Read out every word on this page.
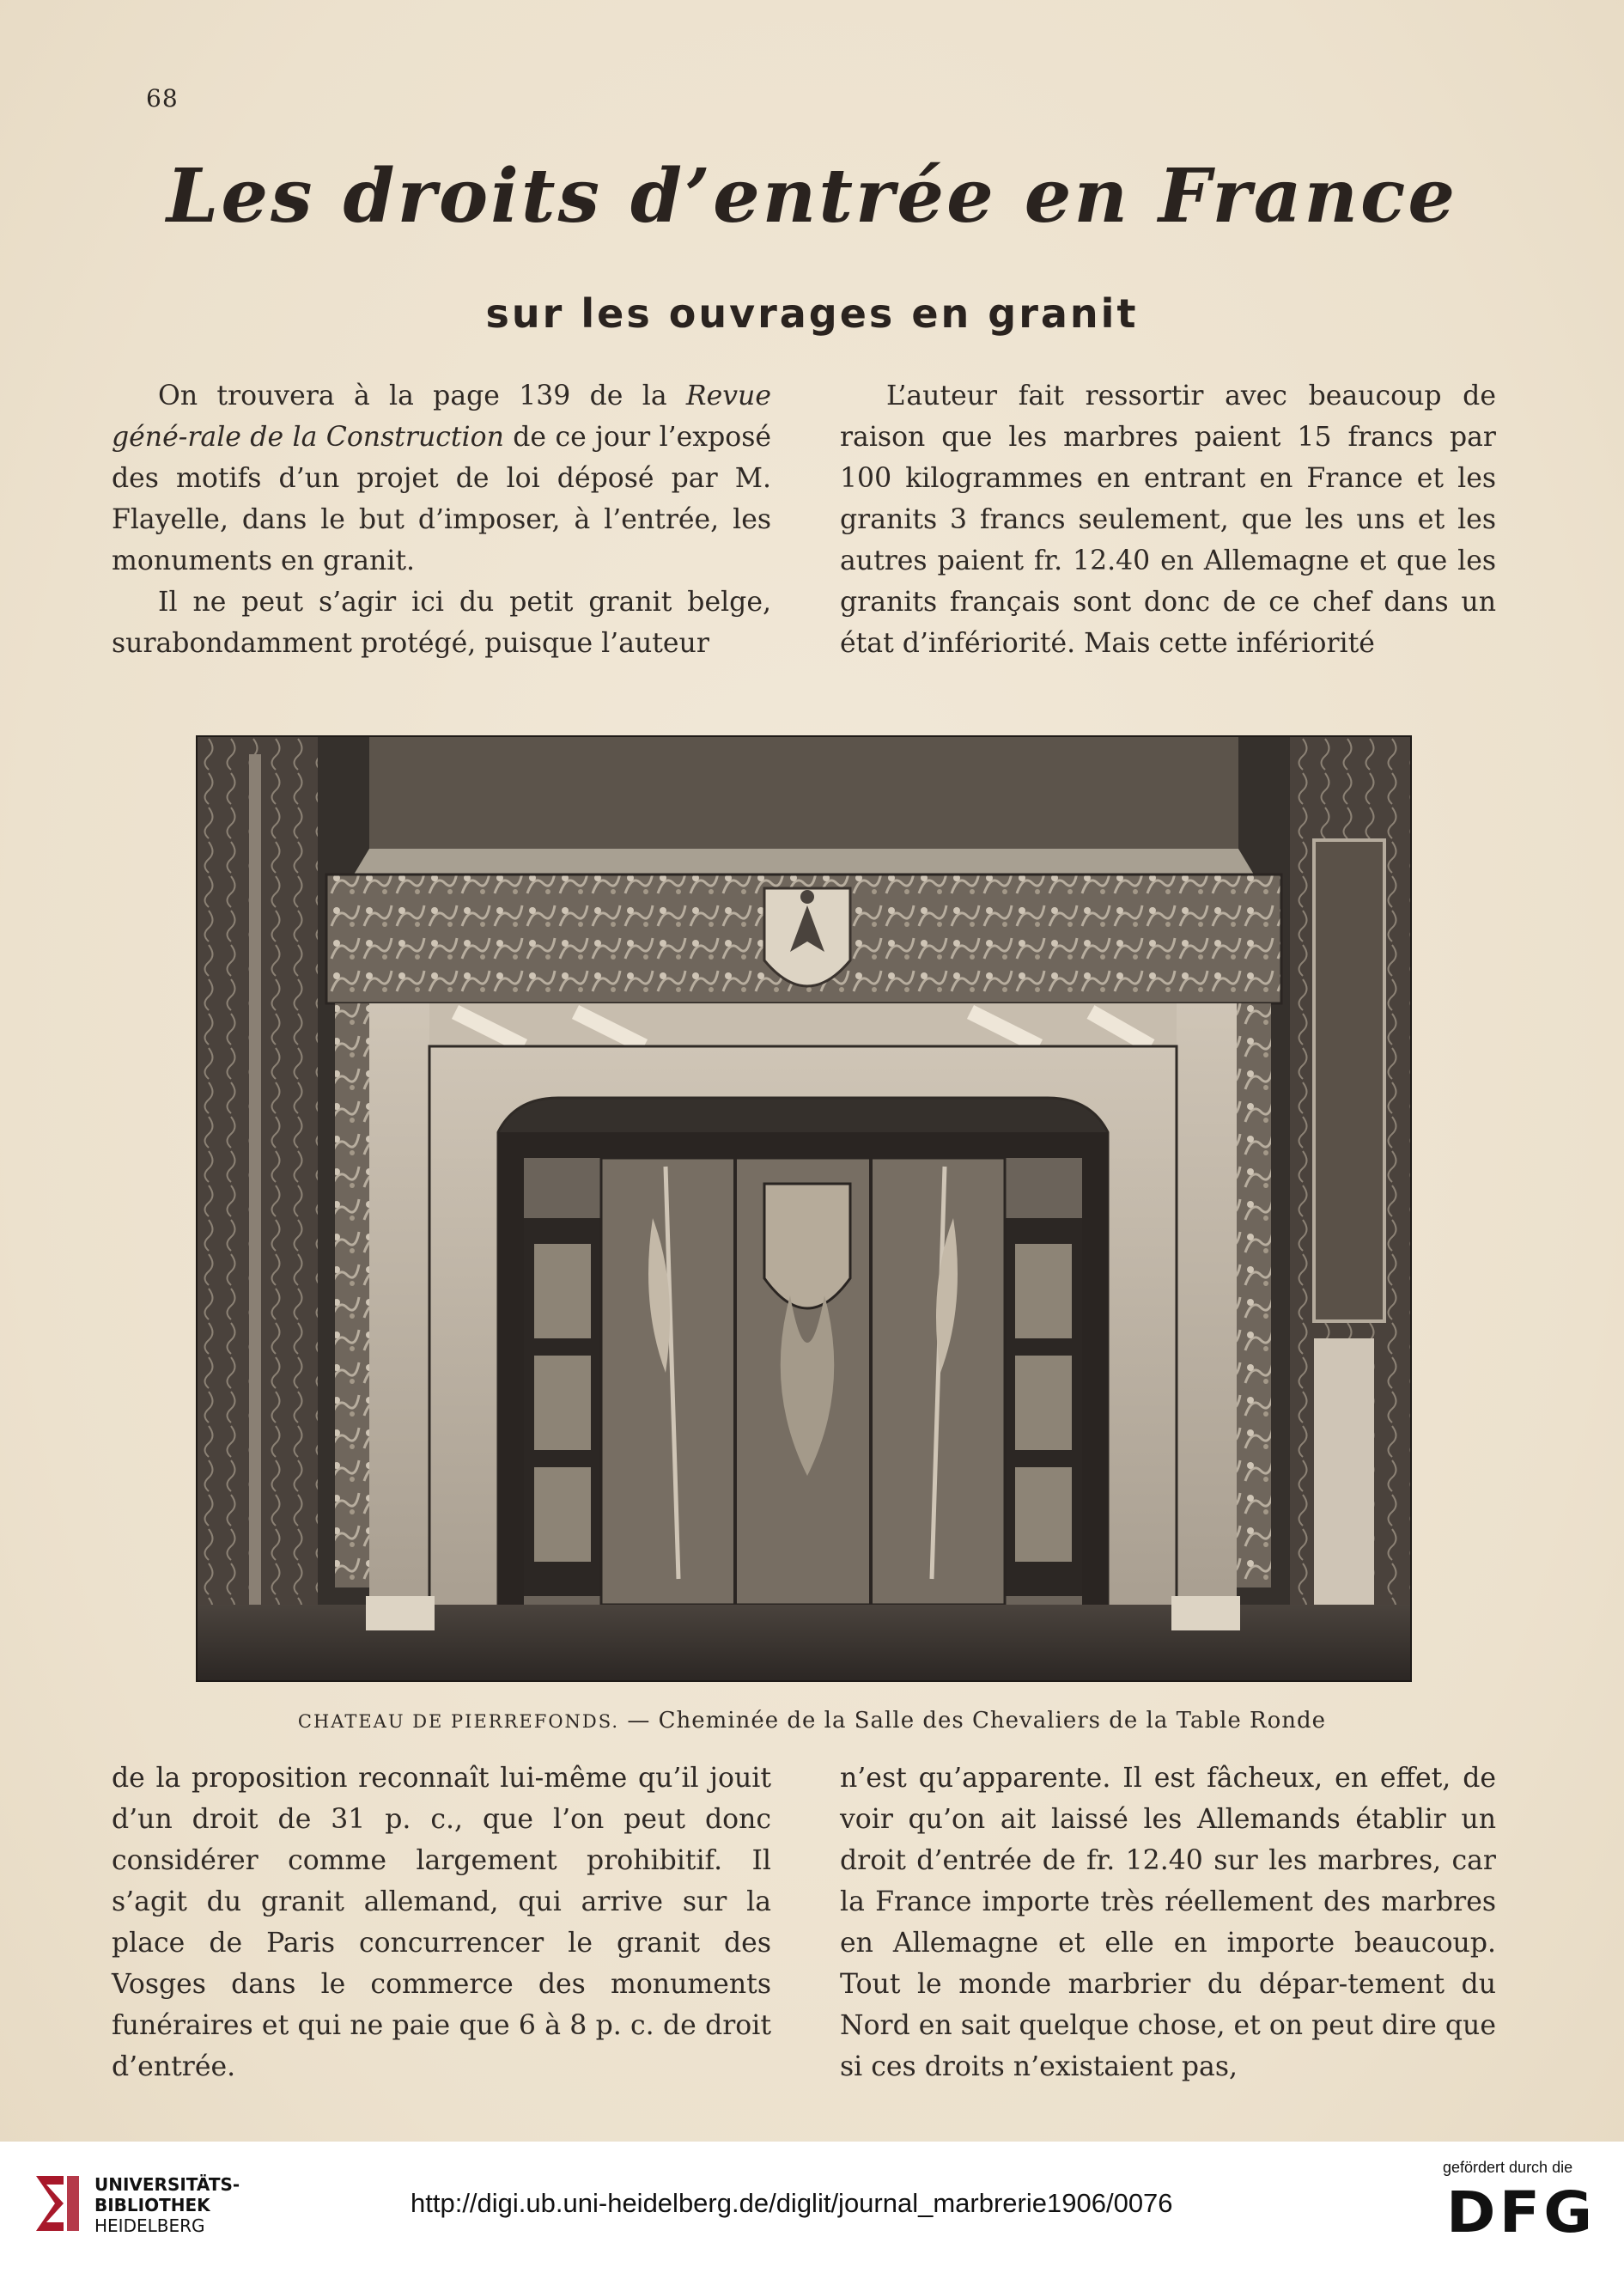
68
Les droits d’entrée en France
sur les ouvrages en granit

On trouvera à la page 139 de la Revue géné-rale de la Construction de ce jour l’exposé des motifs d’un projet de loi déposé par M. Flayelle, dans le but d’imposer, à l’entrée, les monuments en granit.

Il ne peut s’agir ici du petit granit belge, surabondamment protégé, puisque l’auteur

L’auteur fait ressortir avec beaucoup de raison que les marbres paient 15 francs par 100 kilogrammes en entrant en France et les granits 3 francs seulement, que les uns et les autres paient fr. 12.40 en Allemagne et que les granits français sont donc de ce chef dans un état d’infériorité. Mais cette infériorité

CHATEAU DE PIERREFONDS. — Cheminée de la Salle des Chevaliers de la Table Ronde

de la proposition reconnaît lui-même qu’il jouit d’un droit de 31 p. c., que l’on peut donc considérer comme largement prohibitif. Il s’agit du granit allemand, qui arrive sur la place de Paris concurrencer le granit des Vosges dans le commerce des monuments funéraires et qui ne paie que 6 à 8 p. c. de droit d’entrée.

n’est qu’apparente. Il est fâcheux, en effet, de voir qu’on ait laissé les Allemands établir un droit d’entrée de fr. 12.40 sur les marbres, car la France importe très réellement des marbres en Allemagne et elle en importe beaucoup. Tout le monde marbrier du dépar-tement du Nord en sait quelque chose, et on peut dire que si ces droits n’existaient pas,

UNIVERSITÄTS-
BIBLIOTHEK
HEIDELBERG
http://digi.ub.uni-heidelberg.de/diglit/journal_marbrerie1906/0076
gefördert durch die
DFG
